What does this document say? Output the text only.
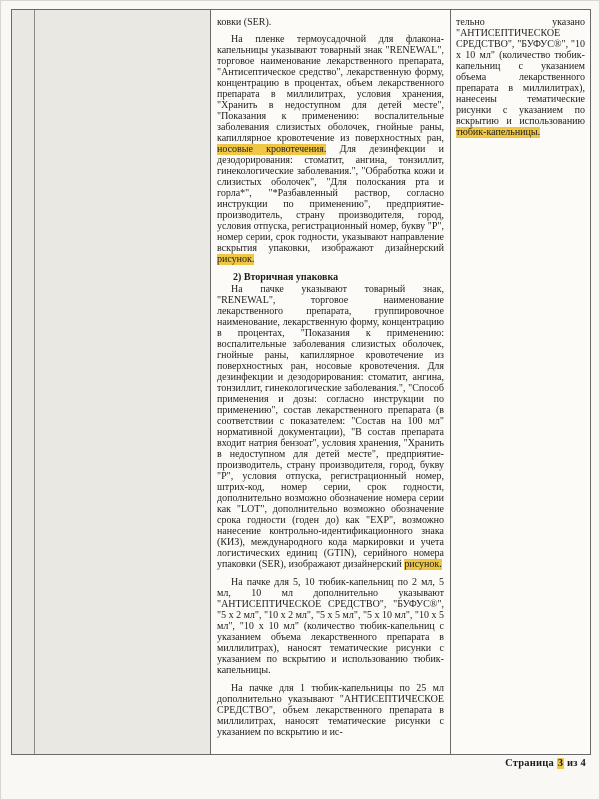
ковки (SER).

На пленке термоусадочной для флакона-капельницы указывают товарный знак "RENEWAL", торговое наименование лекарственного препарата, "Антисептическое средство", лекарственную форму, концентрацию в процентах, объем лекарственного препарата в миллилитрах, условия хранения, "Хранить в недоступном для детей месте", "Показания к применению: воспалительные заболевания слизистых оболочек, гнойные раны, капиллярное кровотечение из поверхностных ран, носовые кровотечения. Для дезинфекции и дезодорирования: стоматит, ангина, тонзиллит, гинекологические заболевания.", "Обработка кожи и слизистых оболочек", "Для полоскания рта и горла*", "*Разбавленный раствор, согласно инструкции по применению", предприятие-производитель, страну производителя, город, условия отпуска, регистрационный номер, букву "Р", номер серии, срок годности, указывают направление вскрытия упаковки, изображают дизайнерский рисунок.

2) Вторичная упаковка

На пачке указывают товарный знак, "RENEWAL", торговое наименование лекарственного препарата, группировочное наименование, лекарственную форму, концентрацию в процентах, "Показания к применению: воспалительные заболевания слизистых оболочек, гнойные раны, капиллярное кровотечение из поверхностных ран, носовые кровотечения. Для дезинфекции и дезодорирования: стоматит, ангина, тонзиллит, гинекологические заболевания.", "Способ применения и дозы: согласно инструкции по применению", состав лекарственного препарата (в соответствии с показателем: "Состав на 100 мл" нормативной документации), "В состав препарата входит натрия бензоат", условия хранения, "Хранить в недоступном для детей месте", предприятие-производитель, страну производителя, город, букву "Р", условия отпуска, регистрационный номер, штрих-код, номер серии, срок годности, дополнительно возможно обозначение номера серии как "LOT", дополнительно возможно обозначение срока годности (годен до) как "EXP", возможно нанесение контрольно-идентификационного знака (КИЗ), международного кода маркировки и учета логистических единиц (GTIN), серийного номера упаковки (SER), изображают дизайнерский рисунок.

На пачке для 5, 10 тюбик-капельниц по 2 мл, 5 мл, 10 мл дополнительно указывают "АНТИСЕПТИЧЕСКОЕ СРЕДСТВО", "БУФУС®", "5 х 2 мл", "10 х 2 мл", "5 х 5 мл", "5 х 10 мл", "10 х 5 мл", "10 х 10 мл" (количество тюбик-капельниц с указанием объема лекарственного препарата в миллилитрах), наносят тематические рисунки с указанием по вскрытию и использованию тюбик-капельницы.

На пачке для 1 тюбик-капельницы по 25 мл дополнительно указывают "АНТИСЕПТИЧЕСКОЕ СРЕДСТВО", объем лекарственного препарата в миллилитрах, наносят тематические рисунки с указанием по вскрытию и ис-

тельно указано "АНТИСЕПТИЧЕСКОЕ СРЕДСТВО", "БУФУС®", "10 х 10 мл" (количество тюбик-капельниц с указанием объема лекарственного препарата в миллилитрах), нанесены тематические рисунки с указанием по вскрытию и использованию тюбик-капельницы.

Страница 3 из 4
